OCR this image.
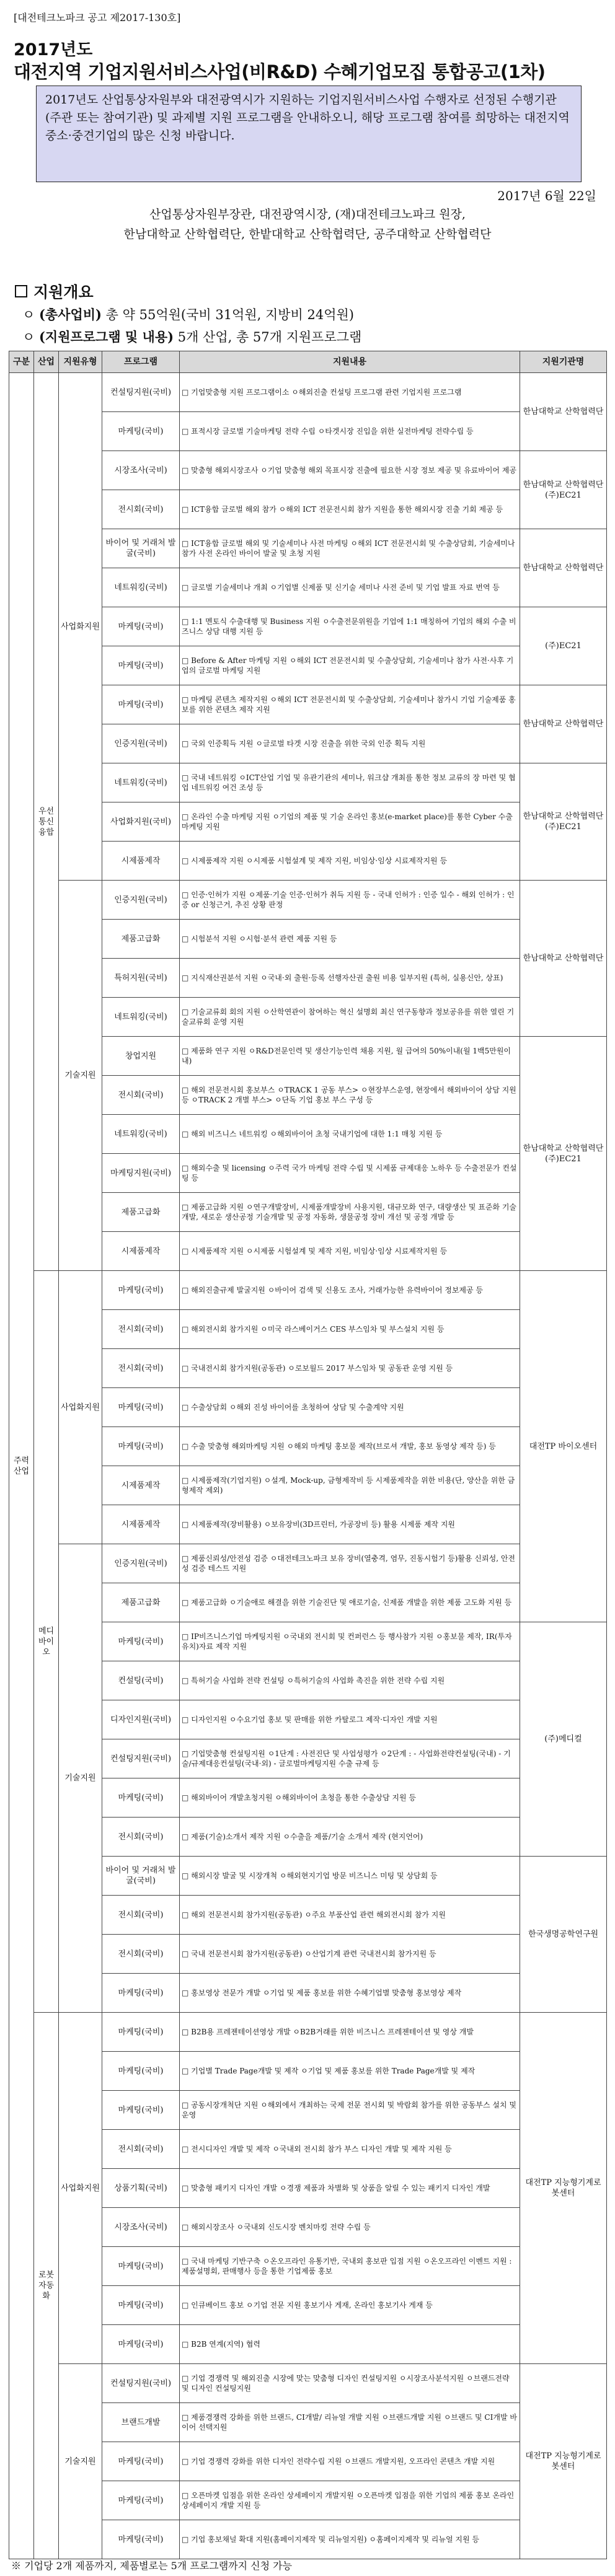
[대전테크노파크 공고 제2017-130호]
2017년도
대전지역 기업지원서비스사업(비R&D) 수혜기업모집 통합공고(1차)
2017년도 산업통상자원부와 대전광역시가 지원하는 기업지원서비스사업 수행자로 선정된 수행기관(주관 또는 참여기관) 및 과제별 지원 프로그램을 안내하오니, 해당 프로그램 참여를 희망하는 대전지역 중소·중견기업의 많은 신청 바랍니다.
2017년 6월 22일
산업통상자원부장관, 대전광역시장, (재)대전테크노파크 원장,
한남대학교 산학협력단, 한밭대학교 산학협력단, 공주대학교 산학협력단
지원개요
ㅇ (총사업비) 총 약 55억원(국비 31억원, 지방비 24억원)
ㅇ (지원프로그램 및 내용) 5개 산업, 총 57개 지원프로그램
구분	산업	지원유형	프로그램	지원내용	지원기관명
주력산업	우선통신융합	사업화지원	컨설팅지원(국비)	□ 기업맞춤형 지원 프로그램이소 ㅇ해외진출 컨설팅 프로그램 관련 기업지원 프로그램	한남대학교 산학협력단
			마케팅(국비)	□ 표적시장 글로벌 기술마케팅 전략 수립 ㅇ타겟시장 진입을 위한 실전마케팅 전략수립 등	
			시장조사(국비)	□ 맞춤형 해외시장조사 ㅇ기업 맞춤형 해외 목표시장 진출에 필요한 시장 정보 제공 및 유료바이어 제공	한남대학교 산학협력단 (주)EC21
			전시회(국비)	□ ICT융합 글로벌 해외 참가 ㅇ해외 ICT 전문전시회 참가 지원을 통한 해외시장 진출 기회 제공 등	
			바이어 및 거래처 발굴(국비)	□ ICT융합 글로벌 해외 및 기술세미나 사전 마케팅 ㅇ해외 ICT 전문전시회 및 수출상담회, 기술세미나 참가 사전 온라인 바이어 발굴 및 초청 지원	한남대학교 산학협력단
			네트워킹(국비)	□ 글로벌 기술세미나 개최 ㅇ기업별 신제품 및 신기술 세미나 사전 준비 및 기업 발표 자료 번역 등	
			마케팅(국비)	□ 1:1 멘토식 수출대행 및 Business 지원 ㅇ수출전문위원을 기업에 1:1 매칭하여 기업의 해외 수출 비즈니스 상담 대행 지원 등	(주)EC21
			마케팅(국비)	□ Before & After 마케팅 지원 ㅇ해외 ICT 전문전시회 및 수출상담회, 기술세미나 참가 사전·사후 기업의 글로벌 마케팅 지원	
			마케팅(국비)	□ 마케팅 콘텐츠 제작지원 ㅇ해외 ICT 전문전시회 및 수출상담회, 기술세미나 참가시 기업 기술제품 홍보를 위한 콘텐츠 제작 지원	한남대학교 산학협력단
			인증지원(국비)	□ 국외 인증획득 지원 ㅇ글로벌 타겟 시장 진출을 위한 국외 인증 획득 지원	
			네트워킹(국비)	□ 국내 네트워킹 ㅇICT산업 기업 및 유관기관의 세미나, 워크샵 개최를 통한 정보 교류의 장 마련 및 협업 네트워킹 여건 조성 등	한남대학교 산학협력단 (주)EC21
			사업화지원(국비)	□ 온라인 수출 마케팅 지원 ㅇ기업의 제품 및 기술 온라인 홍보(e-market place)를 통한 Cyber 수출 마케팅 지원	
			시제품제작	□ 시제품제작 지원 ㅇ시제품 시험설계 및 제작 지원, 비임상·임상 시료제작지원 등	
		기술지원	인증지원(국비)	□ 인증·인허가 지원 ㅇ제품·기술 인증·인허가 취득 지원 등 - 국내 인허가 : 인증 일수 - 해외 인허가 : 인증 or 신청근거, 추진 상황 판정	한남대학교 산학협력단
			제품고급화	□ 시험분석 지원 ㅇ시험·분석 관련 제품 지원 등	
			특허지원(국비)	□ 지식재산권분석 지원 ㅇ국내·외 출원·등록 선행자산권 출원 비용 일부지원 (특허, 실용신안, 상표)	
			네트워킹(국비)	□ 기술교류회 회의 지원 ㅇ산학연관이 참여하는 혁신 설명회 최신 연구동향과 정보공유를 위한 열린 기술교류회 운영 지원	
			창업지원	□ 제품화 연구 지원 ㅇR&D전문인력 및 생산기능인력 채용 지원, 월 급여의 50%이내(월 1백5만원이내)	한남대학교 산학협력단 (주)EC21
			전시회(국비)	□ 해외 전문전시회 홍보부스 ㅇTRACK 1 공동 부스> ㅇ현장부스운영, 현장에서 해외바이어 상담 지원 등 ㅇTRACK 2 개별 부스> ㅇ단독 기업 홍보 부스 구성 등	
			네트워킹(국비)	□ 해외 비즈니스 네트워킹 ㅇ해외바이어 초청 국내기업에 대한 1:1 매칭 지원 등	
			마케팅지원(국비)	□ 해외수출 및 licensing ㅇ주력 국가 마케팅 전략 수립 및 시제품 규제대응 노하우 등 수출전문가 컨설팅 등	
			제품고급화	□ 제품고급화 지원 ㅇ연구개발장비, 시제품개발장비 사용지원, 대규모화 연구, 대량생산 및 표준화 기술개발, 새로운 생산공정 기술개발 및 공정 자동화, 생물공정 장비 개선 및 공정 개발 등	
			시제품제작	□ 시제품제작 지원 ㅇ시제품 시험설계 및 제작 지원, 비임상·임상 시료제작지원 등	
	메디바이오	사업화지원	마케팅(국비)	□ 해외진출규제 발굴지원 ㅇ바이어 검색 및 신용도 조사, 거래가능한 유력바이어 정보제공 등	대전TP 바이오센터
			전시회(국비)	□ 해외전시회 참가지원 ㅇ미국 라스베이거스 CES 부스임차 및 부스설치 지원 등	
			전시회(국비)	□ 국내전시회 참가지원(공동관) ㅇ로보월드 2017 부스임차 및 공동관 운영 지원 등	
			마케팅(국비)	□ 수출상담회 ㅇ해외 진성 바이어를 초청하여 상담 및 수출계약 지원	
			마케팅(국비)	□ 수출 맞춤형 해외마케팅 지원 ㅇ해외 마케팅 홍보물 제작(브로셔 개발, 홍보 동영상 제작 등) 등	
			시제품제작	□ 시제품제작(기업지원) ㅇ설계, Mock-up, 금형제작비 등 시제품제작을 위한 비용(단, 양산을 위한 금형제작 제외)	
			시제품제작	□ 시제품제작(장비활용) ㅇ보유장비(3D프린터, 가공장비 등) 활용 시제품 제작 지원	
		기술지원	인증지원(국비)	□ 제품신뢰성/안전성 검증 ㅇ대전테크노파크 보유 장비(열충격, 염무, 진동시험기 등)활용 신뢰성, 안전성 검증 테스트 지원	
			제품고급화	□ 제품고급화 ㅇ기술애로 해결을 위한 기술진단 및 애로기술, 신제품 개발을 위한 제품 고도화 지원 등	
			마케팅(국비)	□ IP비즈니스기업 마케팅지원 ㅇ국내외 전시회 및 컨퍼런스 등 행사참가 지원 ㅇ홍보물 제작, IR(투자유치)자료 제작 지원	(주)메디컬
			컨설팅(국비)	□ 특허기술 사업화 전략 컨설팅 ㅇ특허기술의 사업화 촉진을 위한 전략 수립 지원	
			디자인지원(국비)	□ 디자인지원 ㅇ수요기업 홍보 및 판매를 위한 카탈로그 제작·디자인 개발 지원	
			컨설팅지원(국비)	□ 기업맞춤형 컨설팅지원 ㅇ1단계 : 사전진단 및 사업성평가 ㅇ2단계 : - 사업화전략컨설팅(국내) - 기술/규제대응컨설팅(국내·외) - 글로벌마케팅지원 수출 규제 등	
			마케팅(국비)	□ 해외바이어 개발초청지원 ㅇ해외바이어 초청을 통한 수출상담 지원 등	
			전시회(국비)	□ 제품(기술)소개서 제작 지원 ㅇ수출을 제품/기술 소개서 제작 (현지언어)	
			바이어 및 거래처 발굴(국비)	□ 해외시장 발굴 및 시장개척 ㅇ해외현지기업 방문 비즈니스 미팅 및 상담회 등	한국생명공학연구원
			전시회(국비)	□ 해외 전문전시회 참가지원(공동관) ㅇ주요 부품산업 관련 해외전시회 참가 지원	
			전시회(국비)	□ 국내 전문전시회 참가지원(공동관) ㅇ산업기계 관련 국내전시회 참가지원 등	
			마케팅(국비)	□ 홍보영상 전문가 개발 ㅇ기업 및 제품 홍보를 위한 수혜기업별 맞춤형 홍보영상 제작	
	로봇자동화	사업화지원	마케팅(국비)	□ B2B용 프레젠테이션영상 개발 ㅇB2B거래를 위한 비즈니스 프레젠테이션 및 영상 개발	대전TP 지능형기계로봇센터
			마케팅(국비)	□ 기업별 Trade Page개발 및 제작 ㅇ기업 및 제품 홍보를 위한 Trade Page개발 및 제작	
			마케팅(국비)	□ 공동시장개척단 지원 ㅇ해외에서 개최하는 국제 전문 전시회 및 박람회 참가를 위한 공동부스 설치 및 운영	
			전시회(국비)	□ 전시디자인 개발 및 제작 ㅇ국내외 전시회 참가 부스 디자인 개발 및 제작 지원 등	
			상품기획(국비)	□ 맞춤형 패키지 디자인 개발 ㅇ경쟁 제품과 차별화 및 상품을 알릴 수 있는 패키지 디자인 개발	
			시장조사(국비)	□ 해외시장조사 ㅇ국내외 신도시장 벤치마킹 전략 수립 등	
			마케팅(국비)	□ 국내 마케팅 기반구축 ㅇ온오프라인 유통기반, 국내외 홍보판 입점 지원 ㅇ온오프라인 이벤트 지원 : 제품설명회, 판매행사 등을 통한 기업제품 홍보	
			마케팅(국비)	□ 인큐베이트 홍보 ㅇ기업 전문 지원 홍보기사 게재, 온라인 홍보기사 게재 등	
			마케팅(국비)	□ B2B 연계(지역) 협력	
		기술지원	컨설팅지원(국비)	□ 기업 경쟁력 및 해외진출 시장에 맞는 맞춤형 디자인 컨설팅지원 ㅇ시장조사분석지원 ㅇ브랜드전략 및 디자인 컨설팅지원	대전TP 지능형기계로봇센터
			브랜드개발	□ 제품경쟁력 강화를 위한 브랜드, CI개발/ 리뉴얼 개발 지원 ㅇ브랜드개발 지원 ㅇ브랜드 및 CI개발 바이어 선택지원	
			마케팅(국비)	□ 기업 경쟁력 강화를 위한 디자인 전략수립 지원 ㅇ브랜드 개발지원, 오프라인 콘텐츠 개발 지원	
			마케팅(국비)	□ 오픈마켓 입점을 위한 온라인 상세페이지 개발지원 ㅇ오픈마켓 입점을 위한 기업의 제품 홍보 온라인 상세페이지 개발 지원 등	
			마케팅(국비)	□ 기업 홍보채널 확대 지원(홈페이지제작 및 리뉴얼지원) ㅇ홈페이지제작 및 리뉴얼 지원 등	
※ 기업당 2개 제품까지, 제품별로는 5개 프로그램까지 신청 가능
